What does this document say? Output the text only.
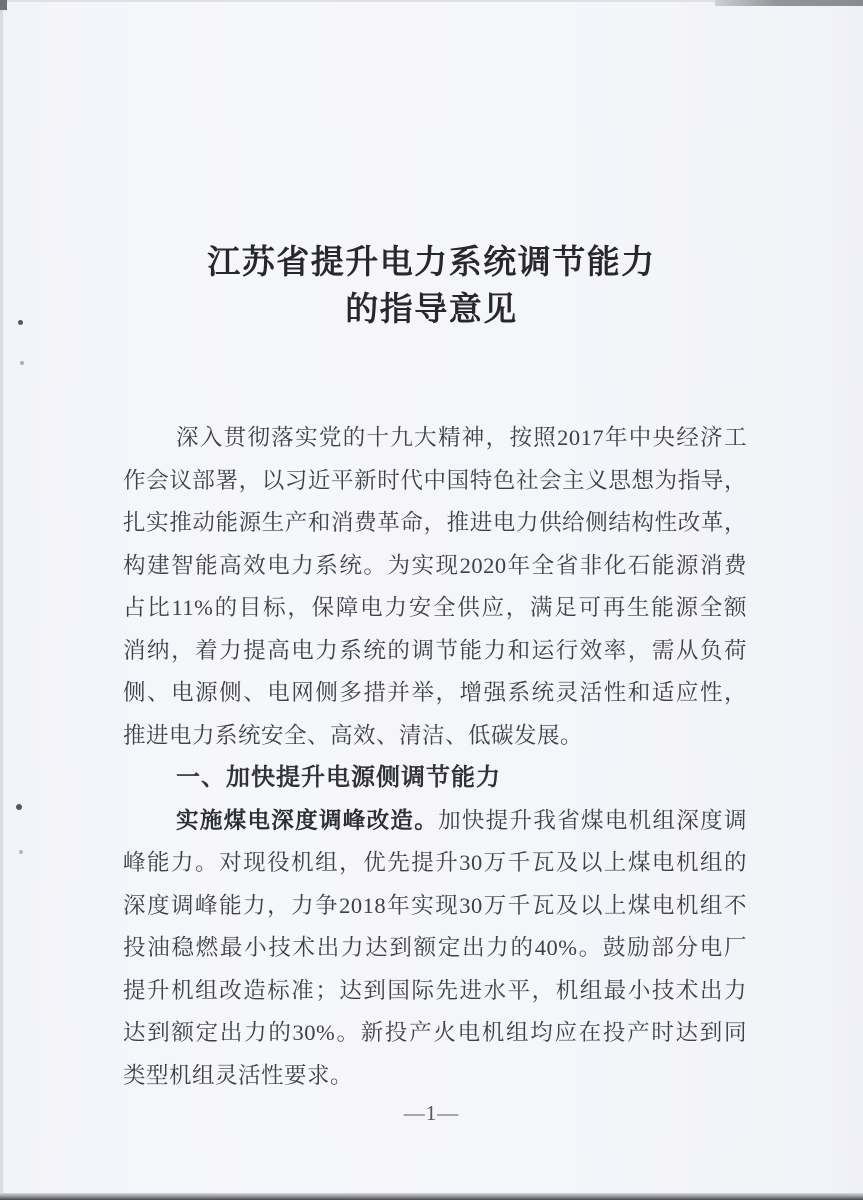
江苏省提升电力系统调节能力
的指导意见
深入贯彻落实党的十九大精神，按照2017年中央经济工
作会议部署，以习近平新时代中国特色社会主义思想为指导，
扎实推动能源生产和消费革命，推进电力供给侧结构性改革，
构建智能高效电力系统。为实现2020年全省非化石能源消费
占比11%的目标，保障电力安全供应，满足可再生能源全额
消纳，着力提高电力系统的调节能力和运行效率，需从负荷
侧、电源侧、电网侧多措并举，增强系统灵活性和适应性，
推进电力系统安全、高效、清洁、低碳发展。
一、加快提升电源侧调节能力
实施煤电深度调峰改造。加快提升我省煤电机组深度调
峰能力。对现役机组，优先提升30万千瓦及以上煤电机组的
深度调峰能力，力争2018年实现30万千瓦及以上煤电机组不
投油稳燃最小技术出力达到额定出力的40%。鼓励部分电厂
提升机组改造标准；达到国际先进水平，机组最小技术出力
达到额定出力的30%。新投产火电机组均应在投产时达到同
类型机组灵活性要求。
—1—
